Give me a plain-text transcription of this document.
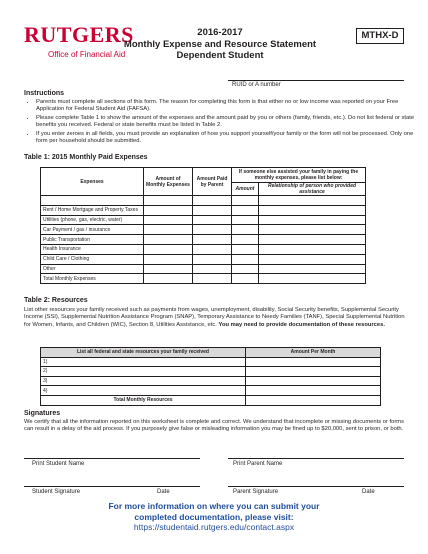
RUTGERS
Office of Financial Aid
2016-2017
Monthly Expense and Resource Statement
Dependent Student
MTHX-D
RUID or A number
Instructions
• Parents must complete all sections of this form. The reason for completing this form is that either no or low income was reported on your Free Application for Federal Student Aid (FAFSA).
• Please complete Table 1 to show the amount of the expenses and the amount paid by you or others (family, friends, etc.). Do not list federal or state benefits you received. Federal or state benefits must be listed in Table 2.
• If you enter zeroes in all fields, you must provide an explanation of how you support yourself/your family or the form will not be processed. Only one form per household should be submitted.
Table 1: 2015 Monthly Paid Expenses
Expenses	Amount of Monthly Expenses	Amount Paid by Parent	If someone else assisted your family in paying the monthly expenses, please list below:	
			Amount	Relationship of person who provided assistance

Rent / Home Mortgage and Property Taxes				
Utilities (phone, gas, electric, water)				
Car Payment / gas / insurance				
Public Transportation				
Health Insurance				
Child Care / Clothing				
Other				
Total Monthly Expenses				
Table 2: Resources
List other resources your family received such as payments from wages, unemployment, disability, Social Security benefits, Supplemental Security Income (SSI), Supplemental Nutrition Assistance Program (SNAP), Temporary Assistance to Needy Families (TANF), Special Supplemental Nutrition for Women, Infants, and Children (WIC), Section 8, Utilities Assistance, etc. You may need to provide documentation of these resources.
List all federal and state resources your family received	Amount Per Month
1)	
2)	
3)	
4)	
Total Monthly Resources	
Signatures
We certify that all the information reported on this worksheet is complete and correct. We understand that incomplete or missing documents or forms can result in a delay of the aid process. If you purposely give false or misleading information you may be fined up to $20,000, sent to prison, or both.
Print Student Name	Print Parent Name
Student Signature	Date	Parent Signature	Date
For more information on where you can submit your
completed documentation, please visit:
https://studentaid.rutgers.edu/contact.aspx
